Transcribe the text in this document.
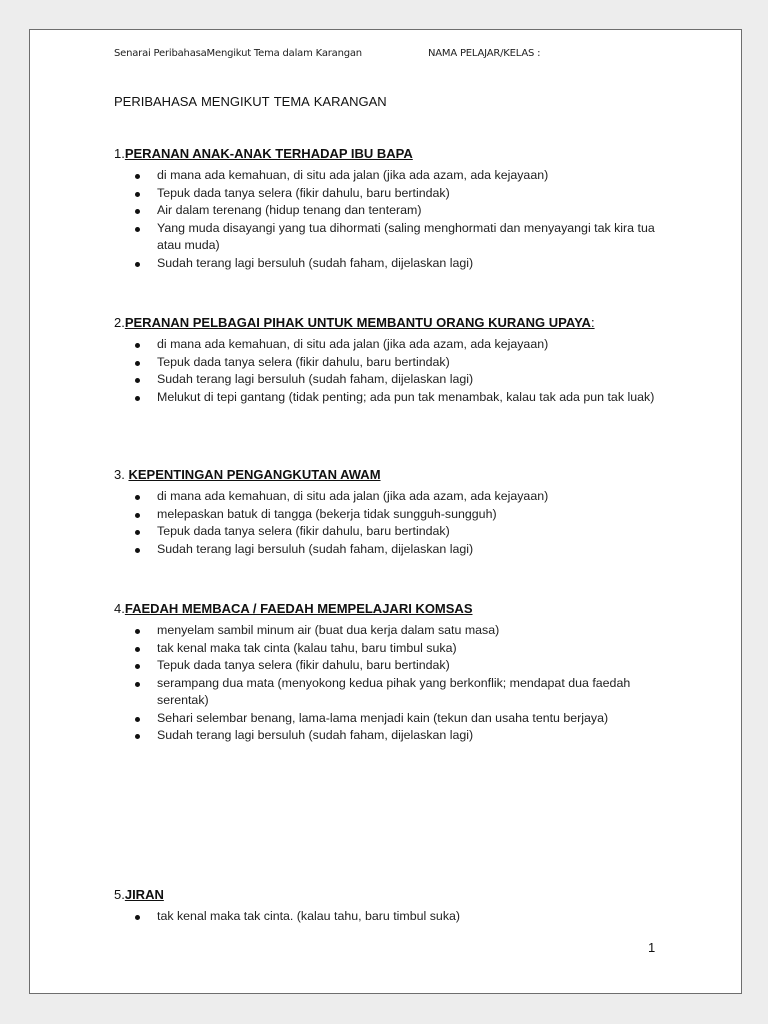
Senarai PeribahasaMengikut Tema dalam Karangan	NAMA PELAJAR/KELAS :
PERIBAHASA MENGIKUT TEMA KARANGAN
1.PERANAN ANAK-ANAK TERHADAP IBU BAPA
di mana ada kemahuan, di situ ada jalan (jika ada azam, ada kejayaan)
Tepuk dada tanya selera (fikir dahulu, baru bertindak)
Air dalam terenang (hidup tenang dan tenteram)
Yang muda disayangi yang tua dihormati (saling menghormati dan menyayangi tak kira tua atau muda)
Sudah terang lagi bersuluh (sudah faham, dijelaskan lagi)
2.PERANAN PELBAGAI PIHAK UNTUK MEMBANTU ORANG KURANG UPAYA:
di mana ada kemahuan, di situ ada jalan (jika ada azam, ada kejayaan)
Tepuk dada tanya selera (fikir dahulu, baru bertindak)
Sudah terang lagi bersuluh (sudah faham, dijelaskan lagi)
Melukut di tepi gantang (tidak penting; ada pun tak menambak, kalau tak ada pun tak luak)
3. KEPENTINGAN PENGANGKUTAN AWAM
di mana ada kemahuan, di situ ada jalan (jika ada azam, ada kejayaan)
melepaskan batuk di tangga (bekerja tidak sungguh-sungguh)
Tepuk dada tanya selera (fikir dahulu, baru bertindak)
Sudah terang lagi bersuluh (sudah faham, dijelaskan lagi)
4.FAEDAH MEMBACA / FAEDAH MEMPELAJARI KOMSAS
menyelam sambil minum air (buat dua kerja dalam satu masa)
tak kenal maka tak cinta (kalau tahu, baru timbul suka)
Tepuk dada tanya selera (fikir dahulu, baru bertindak)
serampang dua mata (menyokong kedua pihak yang berkonflik; mendapat dua faedah serentak)
Sehari selembar benang, lama-lama menjadi kain (tekun dan usaha tentu berjaya)
Sudah terang lagi bersuluh (sudah faham, dijelaskan lagi)
5.JIRAN
tak kenal maka tak cinta. (kalau tahu, baru timbul suka)
1
